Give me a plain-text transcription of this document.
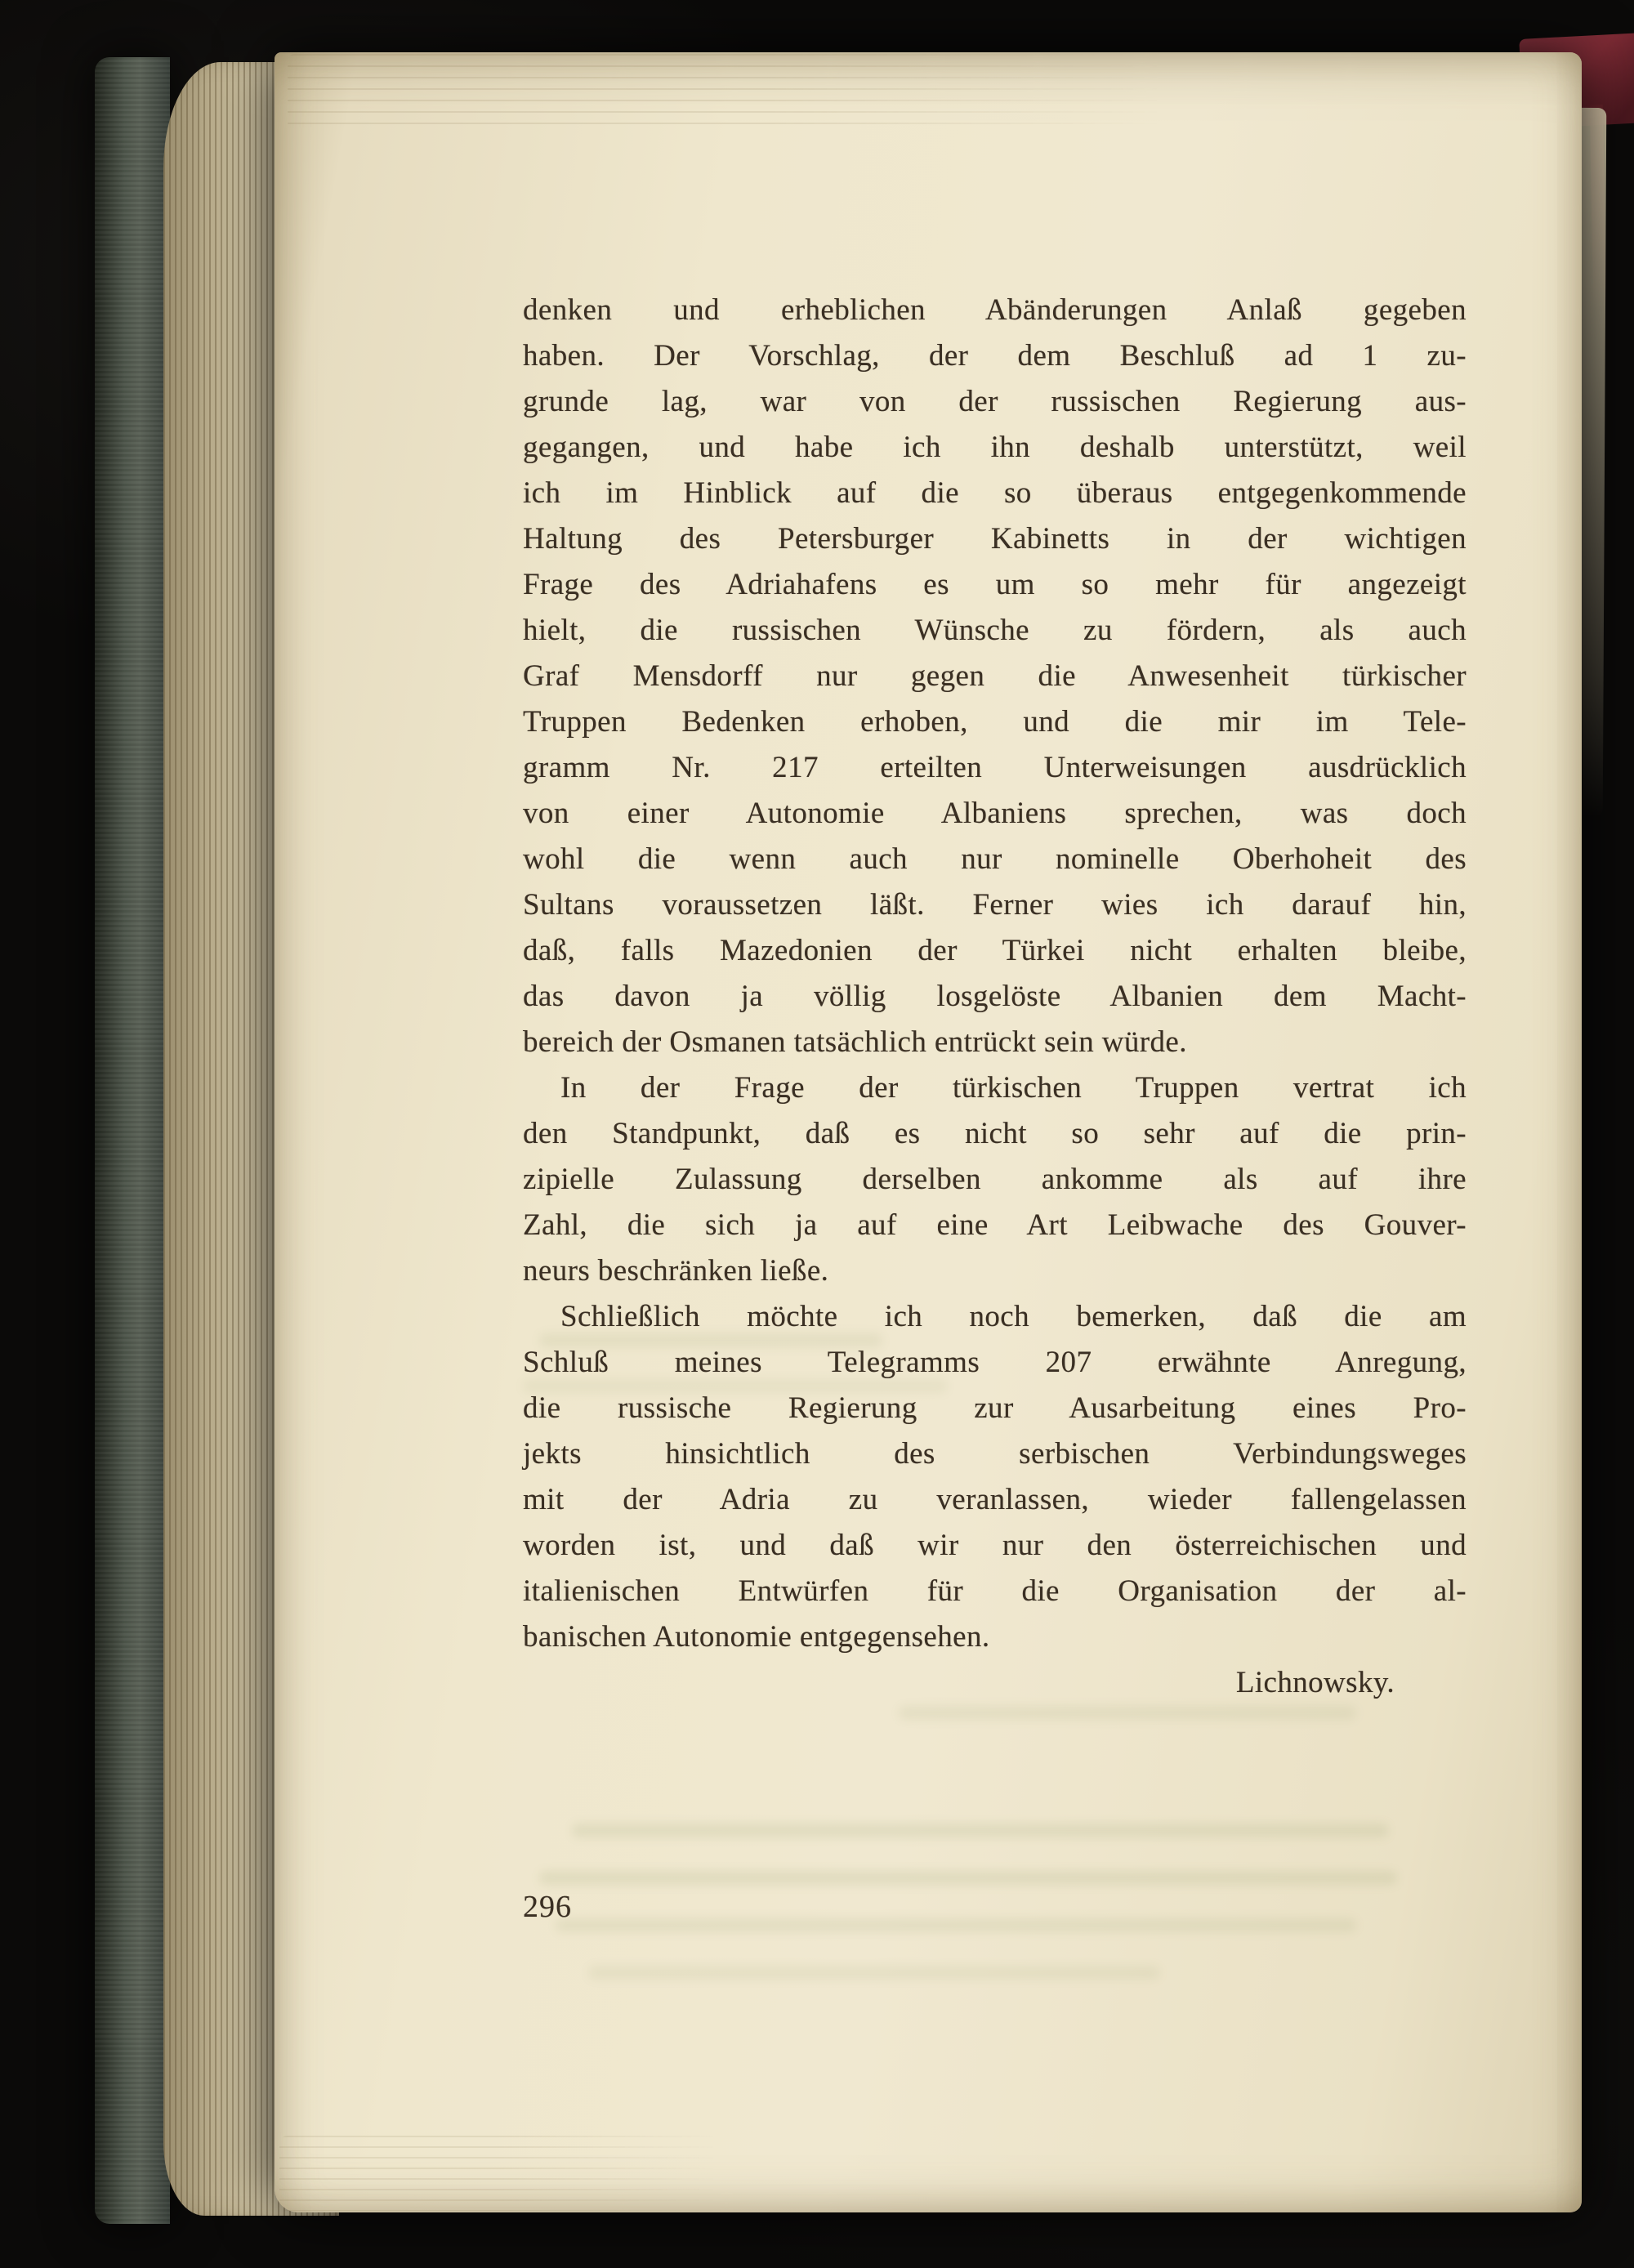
denken und erheblichen Abänderungen Anlaß gegeben
haben. Der Vorschlag, der dem Beschluß ad 1 zu-
grunde lag, war von der russischen Regierung aus-
gegangen, und habe ich ihn deshalb unterstützt, weil
ich im Hinblick auf die so überaus entgegenkommende
Haltung des Petersburger Kabinetts in der wichtigen
Frage des Adriahafens es um so mehr für angezeigt
hielt, die russischen Wünsche zu fördern, als auch
Graf Mensdorff nur gegen die Anwesenheit türkischer
Truppen Bedenken erhoben, und die mir im Tele-
gramm Nr. 217 erteilten Unterweisungen ausdrücklich
von einer Autonomie Albaniens sprechen, was doch
wohl die wenn auch nur nominelle Oberhoheit des
Sultans voraussetzen läßt. Ferner wies ich darauf hin,
daß, falls Mazedonien der Türkei nicht erhalten bleibe,
das davon ja völlig losgelöste Albanien dem Macht-
bereich der Osmanen tatsächlich entrückt sein würde.
In der Frage der türkischen Truppen vertrat ich
den Standpunkt, daß es nicht so sehr auf die prin-
zipielle Zulassung derselben ankomme als auf ihre
Zahl, die sich ja auf eine Art Leibwache des Gouver-
neurs beschränken ließe.
Schließlich möchte ich noch bemerken, daß die am
Schluß meines Telegramms 207 erwähnte Anregung,
die russische Regierung zur Ausarbeitung eines Pro-
jekts hinsichtlich des serbischen Verbindungsweges
mit der Adria zu veranlassen, wieder fallengelassen
worden ist, und daß wir nur den österreichischen und
italienischen Entwürfen für die Organisation der al-
banischen Autonomie entgegensehen.
Lichnowsky.
296
